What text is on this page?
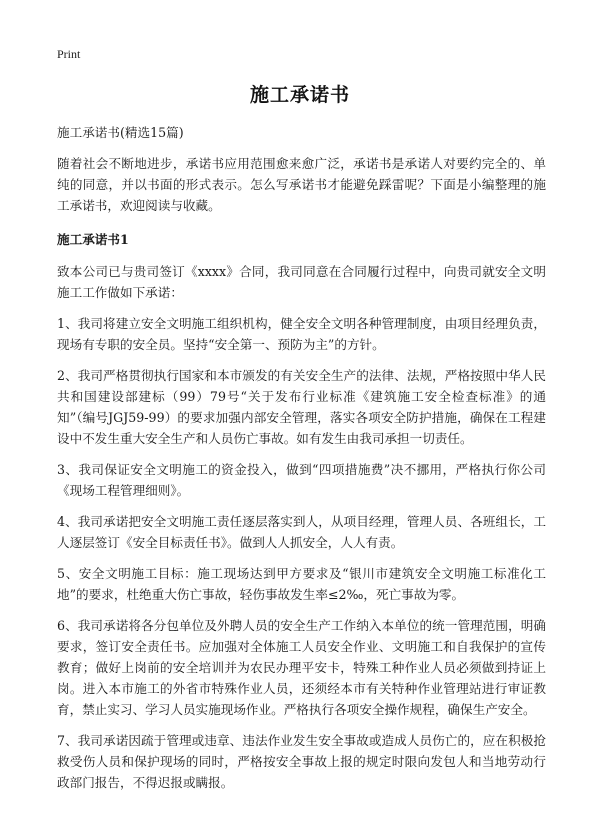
Print
施工承诺书

施工承诺书(精选15篇)

随着社会不断地进步，承诺书应用范围愈来愈广泛，承诺书是承诺人对要约完全的、单纯的同意，并以书面的形式表示。怎么写承诺书才能避免踩雷呢？下面是小编整理的施工承诺书，欢迎阅读与收藏。

施工承诺书1

致本公司已与贵司签订《xxxx》合同，我司同意在合同履行过程中，向贵司就安全文明施工工作做如下承诺：

1、我司将建立安全文明施工组织机构，健全安全文明各种管理制度，由项目经理负责，现场有专职的安全员。坚持“安全第一、预防为主”的方针。

2、我司严格贯彻执行国家和本市颁发的有关安全生产的法律、法规，严格按照中华人民共和国建设部建标（99）79号“关于发布行业标准《建筑施工安全检查标准》的通知”（编号JGJ59-99）的要求加强内部安全管理，落实各项安全防护措施，确保在工程建设中不发生重大安全生产和人员伤亡事故。如有发生由我司承担一切责任。

3、我司保证安全文明施工的资金投入，做到“四项措施费”决不挪用，严格执行你公司《现场工程管理细则》。

4、我司承诺把安全文明施工责任逐层落实到人，从项目经理，管理人员、各班组长，工人逐层签订《安全目标责任书》。做到人人抓安全，人人有责。

5、安全文明施工目标：施工现场达到甲方要求及“银川市建筑安全文明施工标准化工地”的要求，杜绝重大伤亡事故，轻伤事故发生率≤2‰，死亡事故为零。

6、我司承诺将各分包单位及外聘人员的安全生产工作纳入本单位的统一管理范围，明确要求，签订安全责任书。应加强对全体施工人员安全作业、文明施工和自我保护的宣传教育；做好上岗前的安全培训并为农民办理平安卡，特殊工种作业人员必须做到持证上岗。进入本市施工的外省市特殊作业人员，还须经本市有关特种作业管理站进行审证教育，禁止实习、学习人员实施现场作业。严格执行各项安全操作规程，确保生产安全。

7、我司承诺因疏于管理或违章、违法作业发生安全事故或造成人员伤亡的，应在积极抢救受伤人员和保护现场的同时，严格按安全事故上报的规定时限向发包人和当地劳动行政部门报告，不得迟报或瞒报。
